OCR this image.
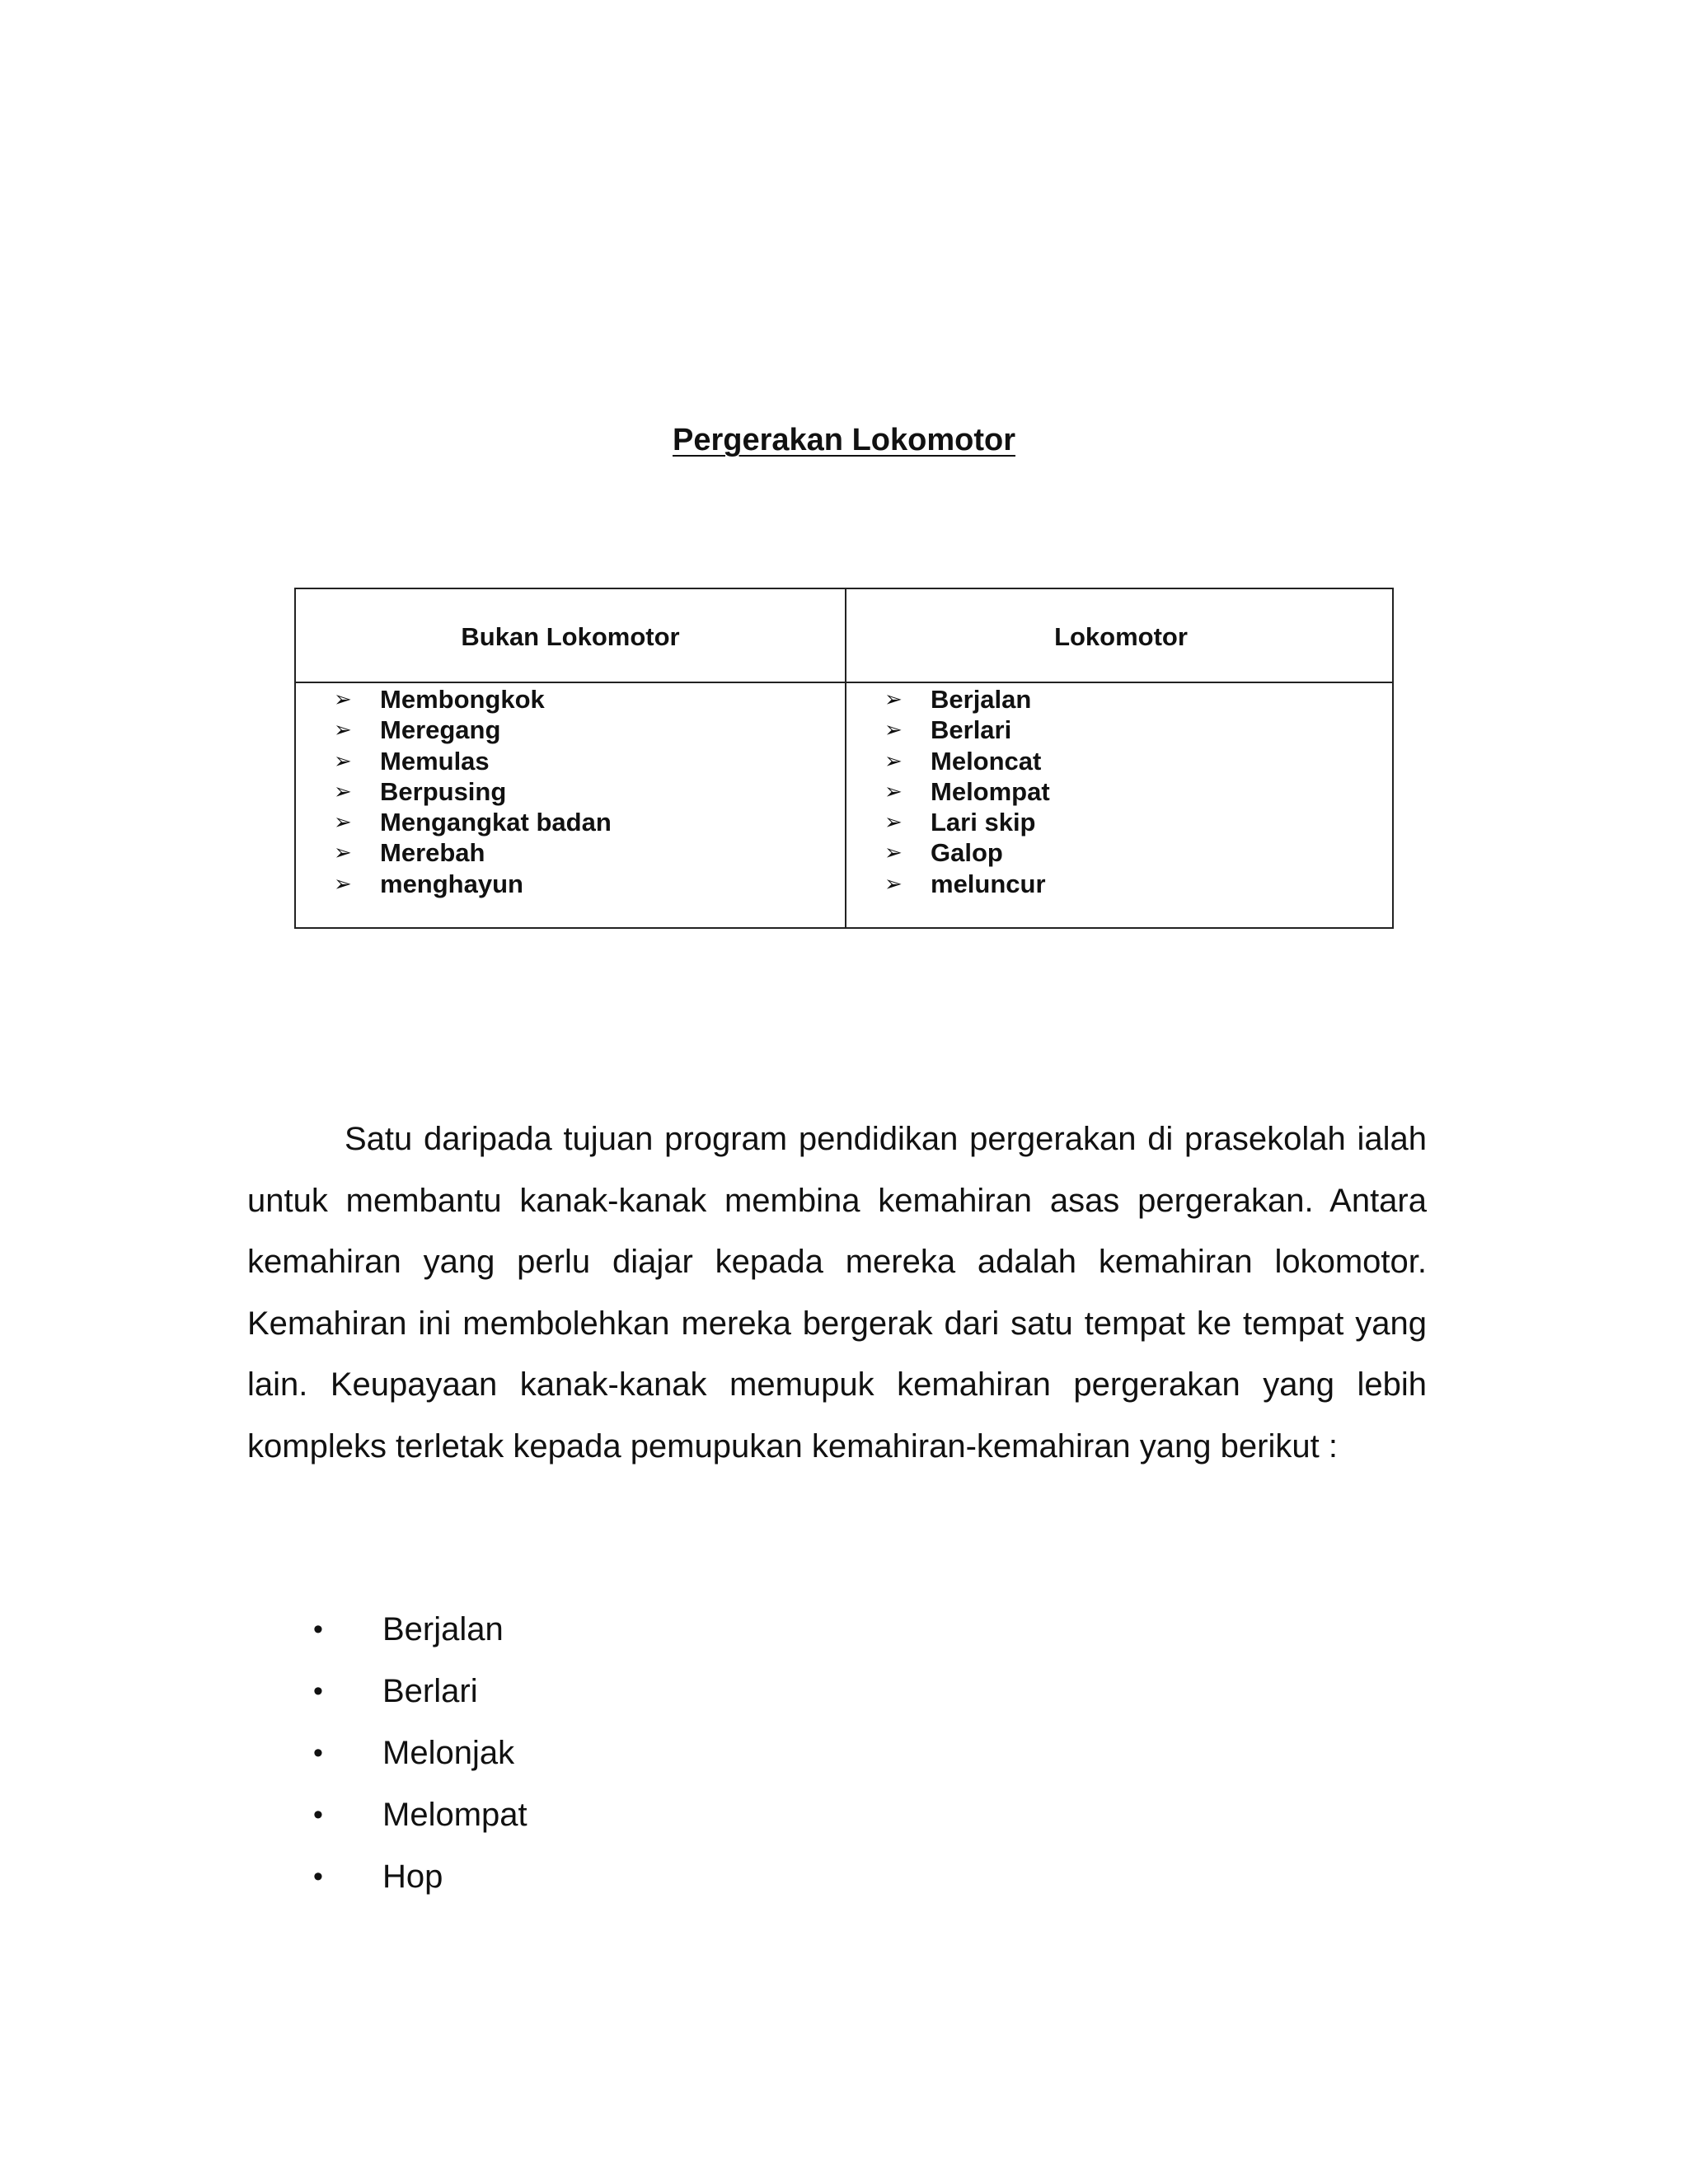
Pergerakan Lokomotor
Bukan Lokomotor	Lokomotor
➢ Membongkok
➢ Meregang
➢ Memulas
➢ Berpusing
➢ Mengangkat badan
➢ Merebah
➢ menghayun
➢ Berjalan
➢ Berlari
➢ Meloncat
➢ Melompat
➢ Lari skip
➢ Galop
➢ meluncur

Satu daripada tujuan program pendidikan pergerakan di prasekolah ialah untuk membantu kanak-kanak membina kemahiran asas pergerakan. Antara kemahiran yang perlu diajar kepada mereka adalah kemahiran lokomotor. Kemahiran ini membolehkan mereka bergerak dari satu tempat ke tempat yang lain. Keupayaan kanak-kanak memupuk kemahiran pergerakan yang lebih kompleks terletak kepada pemupukan kemahiran-kemahiran yang berikut :

• Berjalan
• Berlari
• Melonjak
• Melompat
• Hop
